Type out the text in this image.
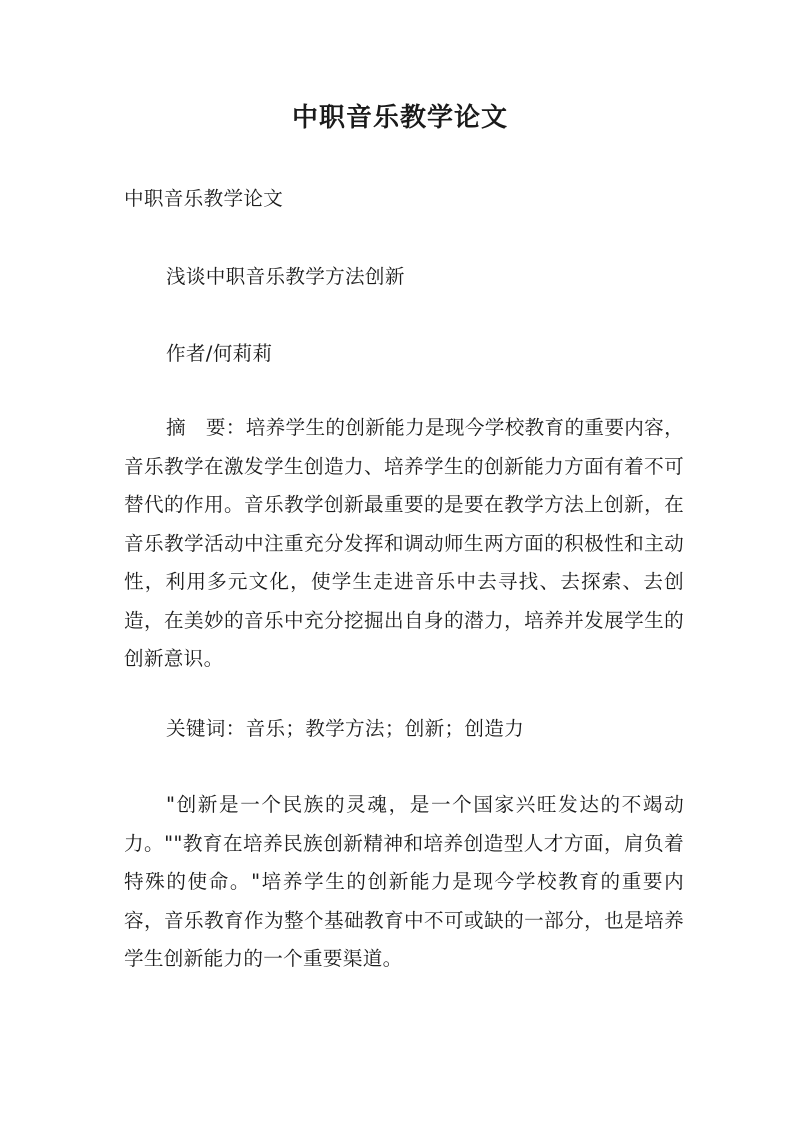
中职音乐教学论文

中职音乐教学论文

浅谈中职音乐教学方法创新

作者/何莉莉

摘　要：培养学生的创新能力是现今学校教育的重要内容，音乐教学在激发学生创造力、培养学生的创新能力方面有着不可替代的作用。音乐教学创新最重要的是要在教学方法上创新，在音乐教学活动中注重充分发挥和调动师生两方面的积极性和主动性，利用多元文化，使学生走进音乐中去寻找、去探索、去创造，在美妙的音乐中充分挖掘出自身的潜力，培养并发展学生的创新意识。

关键词：音乐；教学方法；创新；创造力

"创新是一个民族的灵魂，是一个国家兴旺发达的不竭动力。""教育在培养民族创新精神和培养创造型人才方面，肩负着特殊的使命。"培养学生的创新能力是现今学校教育的重要内容，音乐教育作为整个基础教育中不可或缺的一部分，也是培养学生创新能力的一个重要渠道。
